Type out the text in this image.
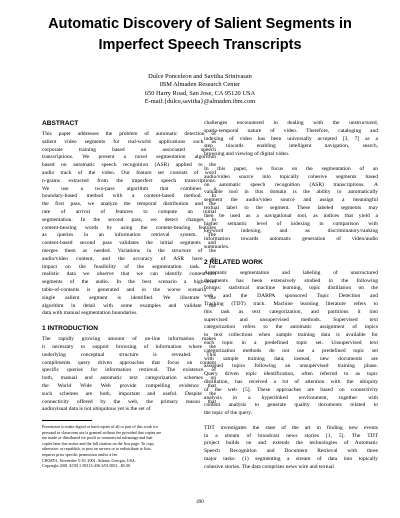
Automatic Discovery of Salient Segments in
Imperfect Speech Transcripts
Dulce Ponceleon and Savitha Srinivasan
IBM Almaden Research Center
650 Harry Road, San Jose, CA 95120 USA
E-mail:{dulce,savitha}@almaden.ibm.com
ABSTRACT
This paper addresses the problem of automatic detection of
salient video segments for real-world applications such as
corporate training based on associated speech
transcriptions. We present a novel segmentation algorithm
based on automatic speech recognition (ASR) applied to the
audio track of the video. Our feature set consists of word
n-grams extracted from the imperfect speech transcriptions.
We use a two-pass algorithm that combines a
boundary-based method with a content-based method. In
the first pass, we analyze the temporal distribution and the
rate of arrival of features to compute an initial
segmentation. In the second pass, we detect changes in
content-bearing words by using the content-bearing features
as queries in an information retrieval system. The
content-based second pass validates the initial segments and
merges them as needed. Variations in the structure of the
audio/video content, and the accuracy of ASR have an
impact on the feasibility of the segmentation task. For
realistic data we observe that we can identify content-rich
segments of the audio. In the best scenario a high-level
table-of-contents is generated and in the worse scenario a
single salient segment is identified. We illustrate the
algorithm in detail with some examples and validate the
data with manual segmentation boundaries.
1 INTRODUCTION
The rapidly growing amount of on-line information makes
it necessary to support browsing of information where the
underlying conceptual structure is revealed. This
compliments query driven approaches that focus on content
specific queries for information retrieval. The existence of
both, manual and automatic text categorization schemes on
the World Wide Web provide compelling evidence that
such schemes are both, important and useful. Despite the
connectivity offered by the web, the primary reason that
audiovisual data is not ubiquitous yet is the set of
Permission to make digital or hard copies of all or part of this work for
personal or classroom use is granted without fee provided that copies are
not made or distributed for profit or commercial advantage and that
copies bear this notice and the full citation on the first page. To copy
otherwise, or republish, to post on servers or to redistribute to lists,
requires prior specific permission and/or a fee.
CIKM'01, November 5-10, 2001, Atlanta, Georgia, USA.
Copyright 2001 ACM 1-58113-436-3/01/0011...$5.00.
challenges encountered in dealing with the unstructured,
spatio-temporal nature of video. Therefore, cataloging and
indexing of video has been universally accepted [3, 7] as a
step towards enabling intelligent navigation, search,
browsing and viewing of digital video.
In this paper, we focus on the segmentation of an
audio/video source into topically cohesive segments based
on automatic speech recognition (ASR) transcriptions. A
valuable tool in this domain is the ability to automatically
segment the audio/video source and assign a meaningful
textual label to the segment. These labeled segments may
then be used as a navigational tool, as indices that yield a
higher semantic level of indexing in comparison with
keyword indexing, and as discriminatory/ranking
information towards automatic generation of video/audio
summaries.
2 RELATED WORK
Automatic segmentation and labeling of unstructured
documents has been extensively studied in the following
forums: statistical machine learning, topic distillation on the
web and the DARPA sponsored Topic Detection and
Tracking (TDT) track. Machine learning literature refers to
this task as text categorization, and partitions it into
supervised and unsupervised methods. Supervised text
categorization refers to the automatic assignment of topics
to text collections when sample training data is available for
each topic in a predefined topic set. Unsupervised text
categorization methods do not use a predefined topic set
with sample training data; instead, new documents are
assigned topics following an unsupervised training phase.
Query driven topic identification, often referred to as topic
distillation, has received a lot of attention with the ubiquity
of the web [5]. These approaches are based on connectivity
analysis in a hyperlinked environment, together with
content analysis to generate quality documents related to
the topic of the query.
TDT investigates the state of the art in finding new events
in a stream of broadcast news stories [1, 5]. The TDT
project builds on and extends the technologies of Automatic
Speech Recognition and Document Retrieval with three
major tasks: (1) segmenting a stream of data into topically
cohesive stories. The data comprises news wire and textual
490
